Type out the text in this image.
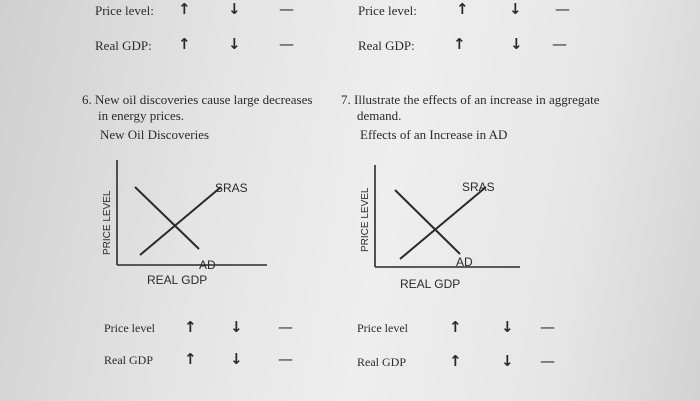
Price level: ↑ ↓	—
Real GDP: ↑ ↓	—
Price level:	↑	↓ —
Real GDP:	↑	↓ —
6. New oil discoveries cause large decreases
in energy prices.
New Oil Discoveries
SRAS
AD
PRICE LEVEL
REAL GDP
Price level ↑ ↓ —
Real GDP ↑ ↓ —
7. Illustrate the effects of an increase in aggregate
demand.
Effects of an Increase in AD
SRAS
AD
PRICE LEVEL
REAL GDP
Price level	↑	↓ —
Real GDP	↑	↓ —
